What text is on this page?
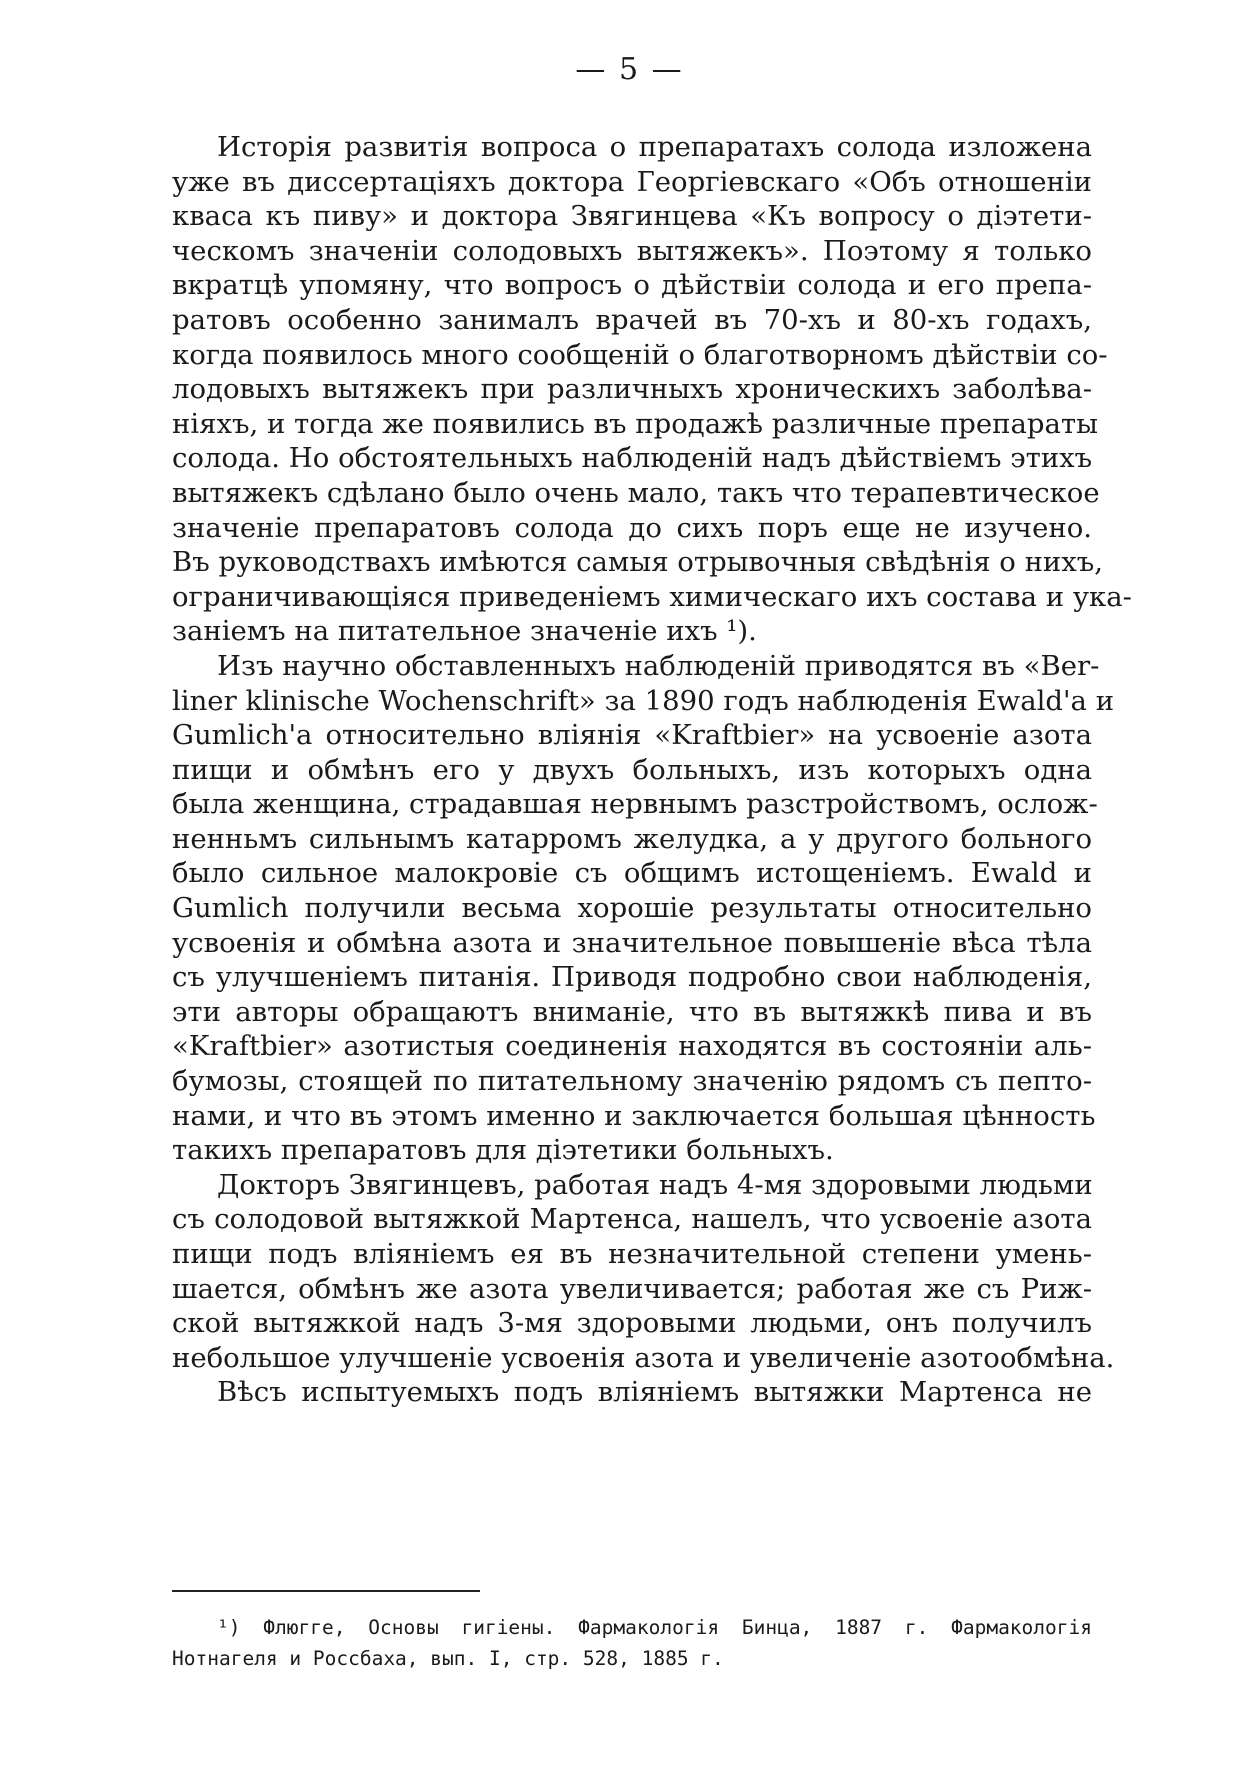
— 5 —
Исторія развитія вопроса о препаратахъ солода изложена
уже въ диссертаціяхъ доктора Георгіевскаго «Объ отношеніи
кваса къ пиву» и доктора Звягинцева «Къ вопросу о діэтети-
ческомъ значеніи солодовыхъ вытяжекъ». Поэтому я только
вкратцѣ упомяну, что вопросъ о дѣйствіи солода и его препа-
ратовъ особенно занималъ врачей въ 70-хъ и 80-хъ годахъ,
когда появилось много сообщеній о благотворномъ дѣйствіи со-
лодовыхъ вытяжекъ при различныхъ хроническихъ заболѣва-
ніяхъ, и тогда же появились въ продажѣ различные препараты
солода. Но обстоятельныхъ наблюденій надъ дѣйствіемъ этихъ
вытяжекъ сдѣлано было очень мало, такъ что терапевтическое
значеніе препаратовъ солода до сихъ поръ еще не изучено.
Въ руководствахъ имѣются самыя отрывочныя свѣдѣнія о нихъ,
ограничивающіяся приведеніемъ химическаго ихъ состава и ука-
заніемъ на питательное значеніе ихъ ¹).
Изъ научно обставленныхъ наблюденій приводятся въ «Ber-
liner klinische Wochenschrift» за 1890 годъ наблюденія Ewald'a и
Gumlich'a относительно вліянія «Kraftbier» на усвоеніе азота
пищи и обмѣнъ его у двухъ больныхъ, изъ которыхъ одна
была женщина, страдавшая нервнымъ разстройствомъ, ослож-
ненньмъ сильнымъ катарромъ желудка, а у другого больного
было сильное малокровіе съ общимъ истощеніемъ. Ewald и
Gumlich получили весьма хорошіе результаты относительно
усвоенія и обмѣна азота и значительное повышеніе вѣса тѣла
съ улучшеніемъ питанія. Приводя подробно свои наблюденія,
эти авторы обращаютъ вниманіе, что въ вытяжкѣ пива и въ
«Kraftbier» азотистыя соединенія находятся въ состояніи аль-
бумозы, стоящей по питательному значенію рядомъ съ пепто-
нами, и что въ этомъ именно и заключается большая цѣнность
такихъ препаратовъ для діэтетики больныхъ.
Докторъ Звягинцевъ, работая надъ 4-мя здоровыми людьми
съ солодовой вытяжкой Мартенса, нашелъ, что усвоеніе азота
пищи подъ вліяніемъ ея въ незначительной степени умень-
шается, обмѣнъ же азота увеличивается; работая же съ Риж-
ской вытяжкой надъ 3-мя здоровыми людьми, онъ получилъ
небольшое улучшеніе усвоенія азота и увеличеніе азотообмѣна.
Вѣсъ испытуемыхъ подъ вліяніемъ вытяжки Мартенса не
¹) Флюгге, Основы гигіены. Фармакологія Бинца, 1887 г. Фармакологія
Нотнагеля и Россбаха, вып. I, стр. 528, 1885 г.
